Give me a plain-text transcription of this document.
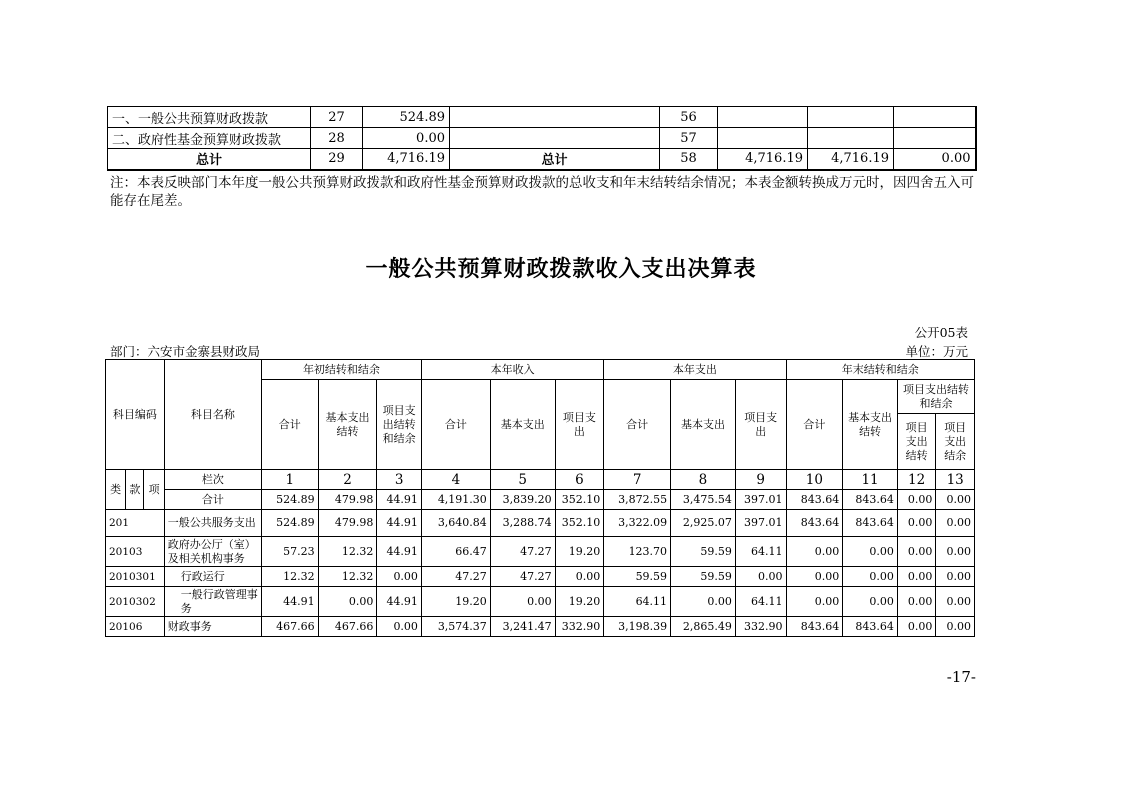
一、一般公共预算财政拨款	27	524.89		56			
二、政府性基金预算财政拨款	28	0.00		57			
总计	29	4,716.19	总计	58	4,716.19	4,716.19	0.00
注：本表反映部门本年度一般公共预算财政拨款和政府性基金预算财政拨款的总收支和年末结转结余情况；本表金额转换成万元时，因四舍五入可能存在尾差。
一般公共预算财政拨款收入支出决算表
公开05表
部门：六安市金寨县财政局	单位：万元
科目编码			科目名称	年初结转和结余			本年收入			本年支出			年末结转和结余			
				合计	基本支出结转	项目支出结转和结余	合计	基本支出	项目支出	合计	基本支出	项目支出	合计	基本支出结转	项目支出结转和结余	
															项目支出结转	项目支出结余
类	款	项	栏次	1	2	3	4	5	6	7	8	9	10	11	12	13
			合计	524.89	479.98	44.91	4,191.30	3,839.20	352.10	3,872.55	3,475.54	397.01	843.64	843.64	0.00	0.00
201			一般公共服务支出	524.89	479.98	44.91	3,640.84	3,288.74	352.10	3,322.09	2,925.07	397.01	843.64	843.64	0.00	0.00
20103			政府办公厅（室）及相关机构事务	57.23	12.32	44.91	66.47	47.27	19.20	123.70	59.59	64.11	0.00	0.00	0.00	0.00
2010301			行政运行	12.32	12.32	0.00	47.27	47.27	0.00	59.59	59.59	0.00	0.00	0.00	0.00	0.00
2010302			一般行政管理事务	44.91	0.00	44.91	19.20	0.00	19.20	64.11	0.00	64.11	0.00	0.00	0.00	0.00
20106			财政事务	467.66	467.66	0.00	3,574.37	3,241.47	332.90	3,198.39	2,865.49	332.90	843.64	843.64	0.00	0.00
-17-
